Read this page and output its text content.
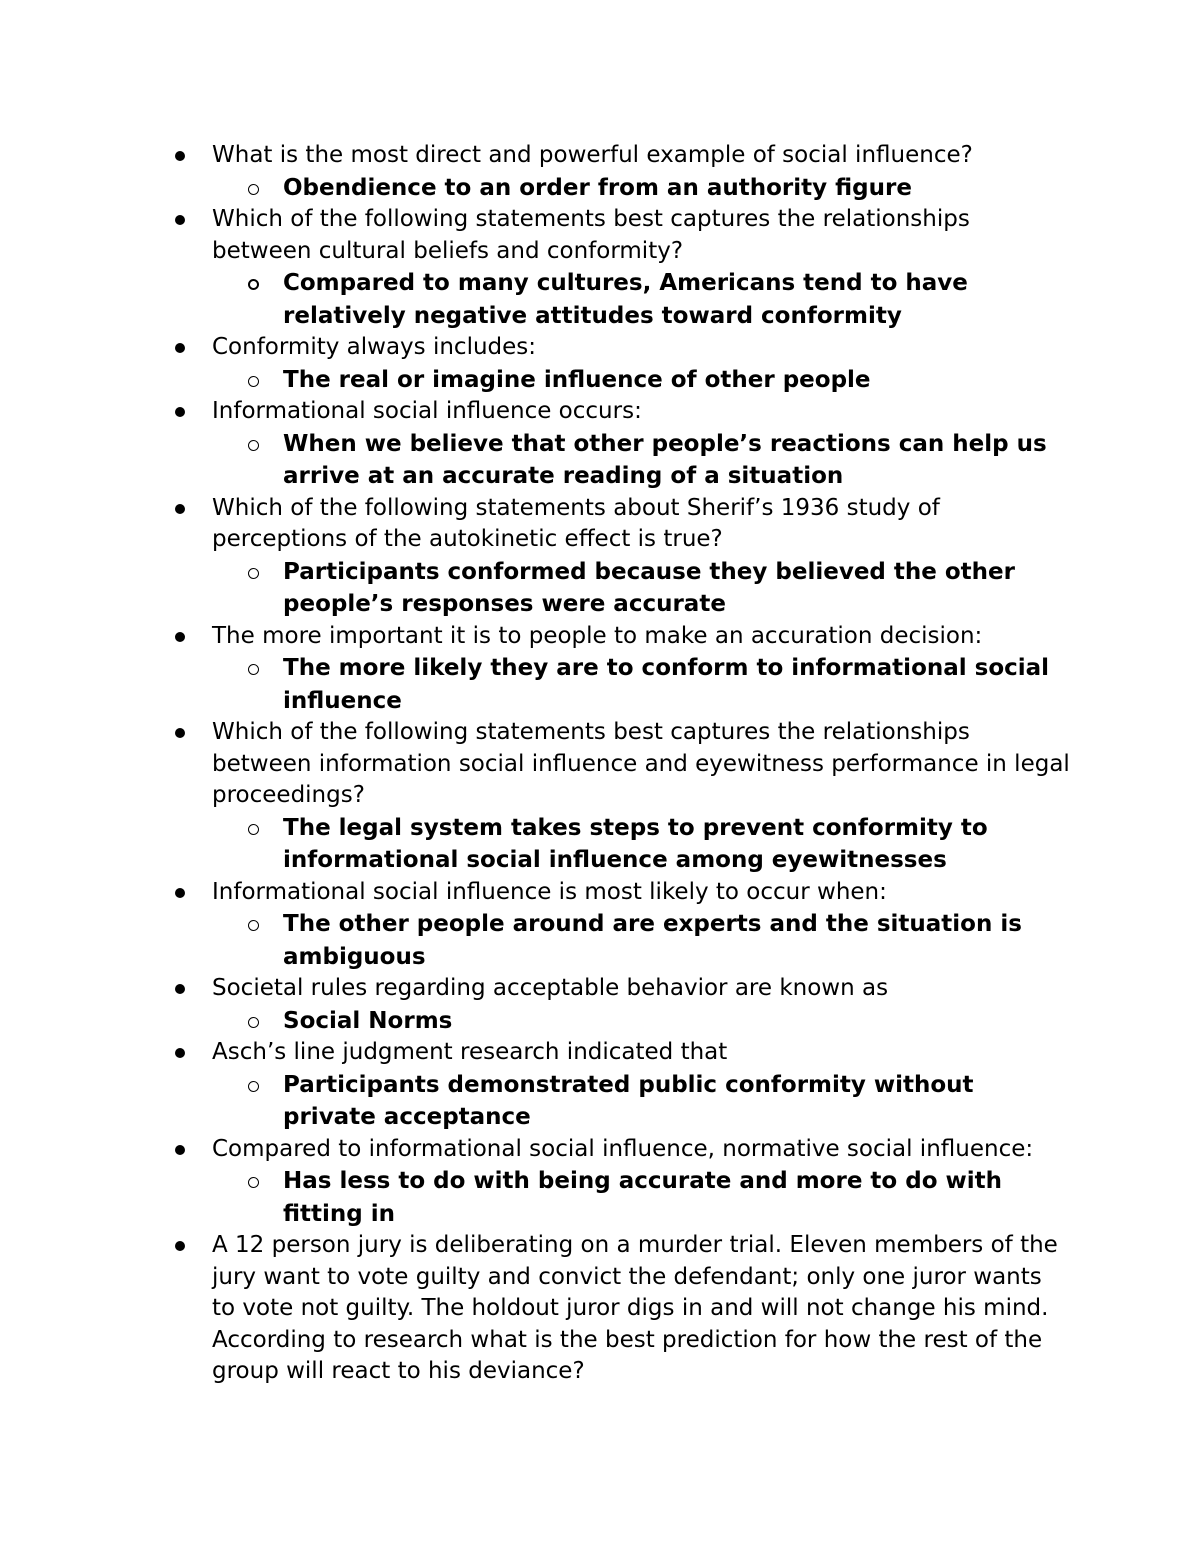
What is the most direct and powerful example of social influence?
Obendience to an order from an authority figure
Which of the following statements best captures the relationships between cultural beliefs and conformity?
Compared to many cultures, Americans tend to have relatively negative attitudes toward conformity
Conformity always includes:
The real or imagine influence of other people
Informational social influence occurs:
When we believe that other people’s reactions can help us arrive at an accurate reading of a situation
Which of the following statements about Sherif’s 1936 study of perceptions of the autokinetic effect is true?
Participants conformed because they believed the other people’s responses were accurate
The more important it is to people to make an accuration decision:
The more likely they are to conform to informational social influence
Which of the following statements best captures the relationships between information social influence and eyewitness performance in legal proceedings?
The legal system takes steps to prevent conformity to informational social influence among eyewitnesses
Informational social influence is most likely to occur when:
The other people around are experts and the situation is ambiguous
Societal rules regarding acceptable behavior are known as
Social Norms
Asch’s line judgment research indicated that
Participants demonstrated public conformity without private acceptance
Compared to informational social influence, normative social influence:
Has less to do with being accurate and more to do with fitting in
A 12 person jury is deliberating on a murder trial. Eleven members of the jury want to vote guilty and convict the defendant; only one juror wants to vote not guilty. The holdout juror digs in and will not change his mind. According to research what is the best prediction for how the rest of the group will react to his deviance?
